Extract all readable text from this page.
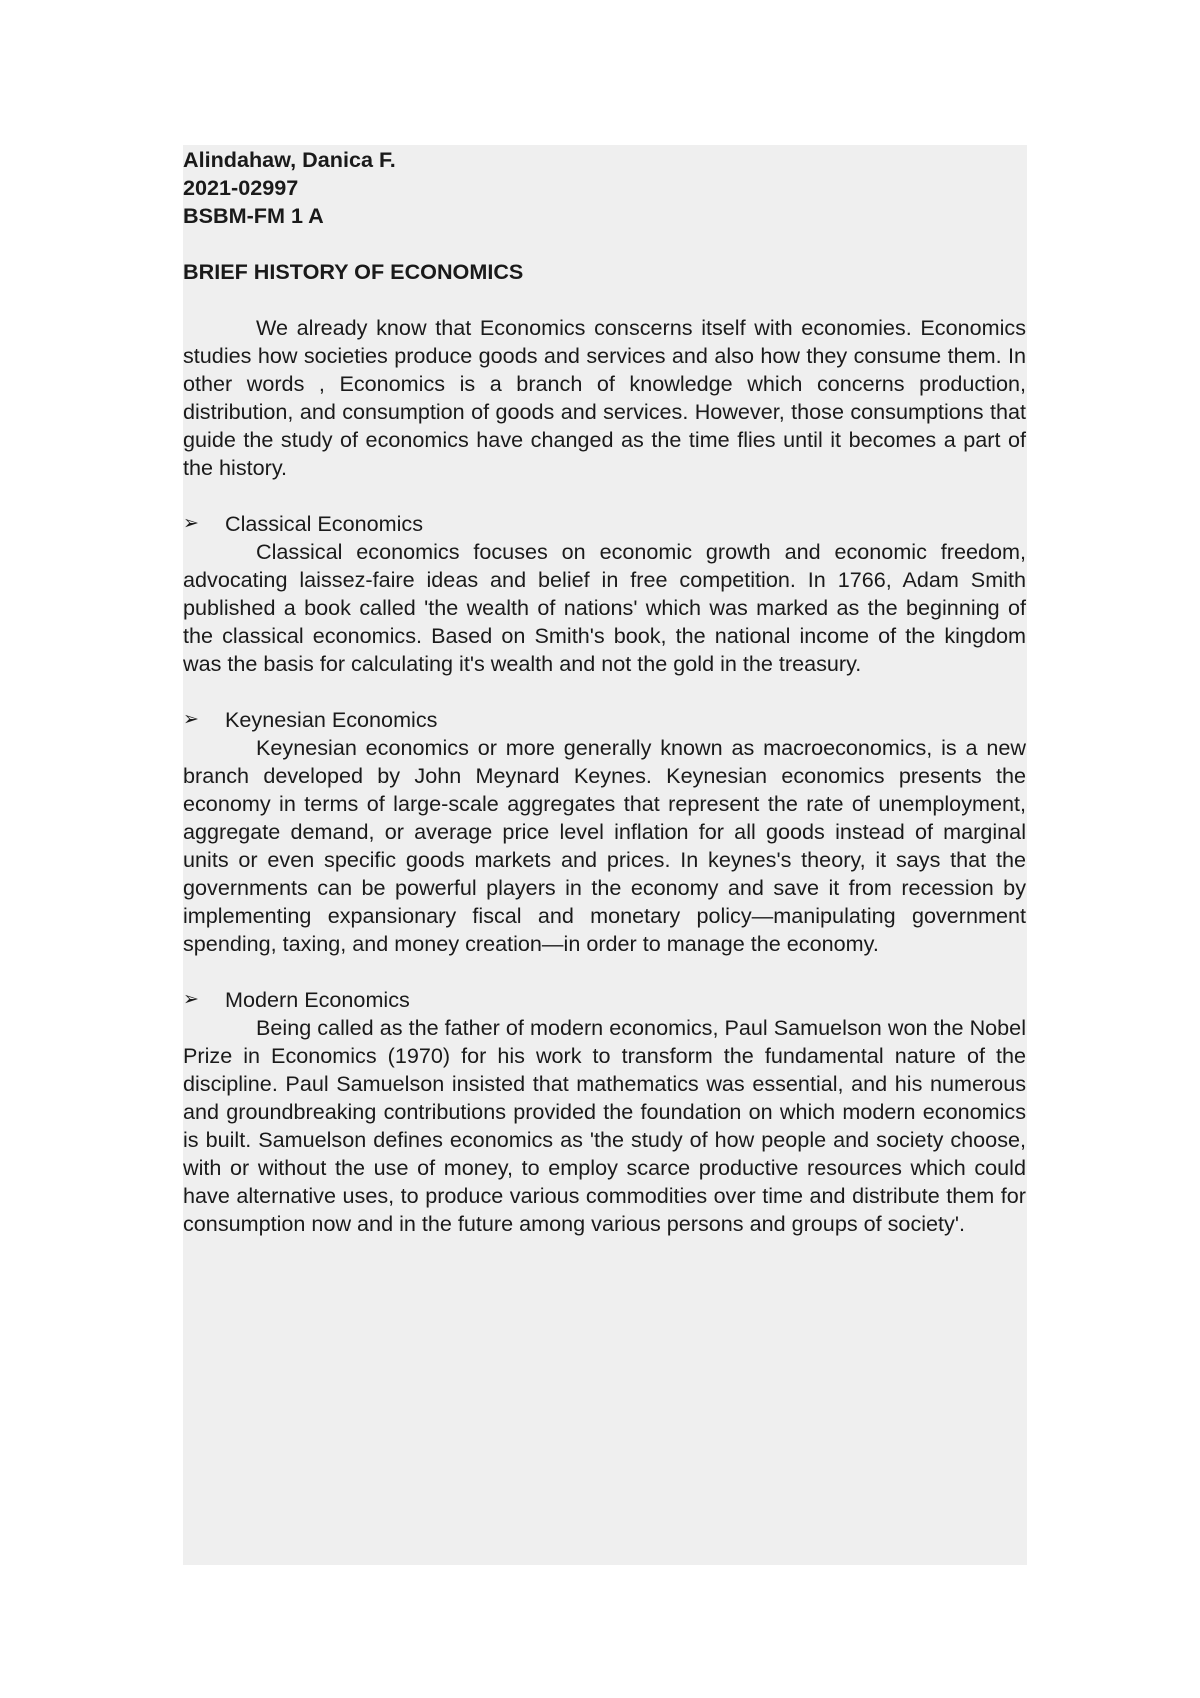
Alindahaw, Danica F.

2021-02997

BSBM-FM 1 A

BRIEF HISTORY OF ECONOMICS

We already know that Economics conscerns itself with economies. Economics studies how societies produce goods and services and also how they consume them. In other words , Economics is a branch of knowledge which concerns production, distribution, and consumption of goods and services. However, those consumptions that guide the study of economics have changed as the time flies until it becomes a part of the history.

➢	Classical Economics

Classical economics focuses on economic growth and economic freedom, advocating laissez-faire ideas and belief in free competition. In 1766, Adam Smith published a book called 'the wealth of nations' which was marked as the beginning of the classical economics. Based on Smith's book, the national income of the kingdom was the basis for calculating it's wealth and not the gold in the treasury.

➢	Keynesian Economics

Keynesian economics or more generally known as macroeconomics, is a new branch developed by John Meynard Keynes. Keynesian economics presents the economy in terms of large-scale aggregates that represent the rate of unemployment, aggregate demand, or average price level inflation for all goods instead of marginal units or even specific goods markets and prices. In keynes's theory, it says that the governments can be powerful players in the economy and save it from recession by implementing expansionary fiscal and monetary policy—manipulating government spending, taxing, and money creation—in order to manage the economy.

➢	Modern Economics

Being called as the father of modern economics, Paul Samuelson won the Nobel Prize in Economics (1970) for his work to transform the fundamental nature of the discipline. Paul Samuelson insisted that mathematics was essential, and his numerous and groundbreaking contributions provided the foundation on which modern economics is built. Samuelson defines economics as 'the study of how people and society choose, with or without the use of money, to employ scarce productive resources which could have alternative uses, to produce various commodities over time and distribute them for consumption now and in the future among various persons and groups of society'.
